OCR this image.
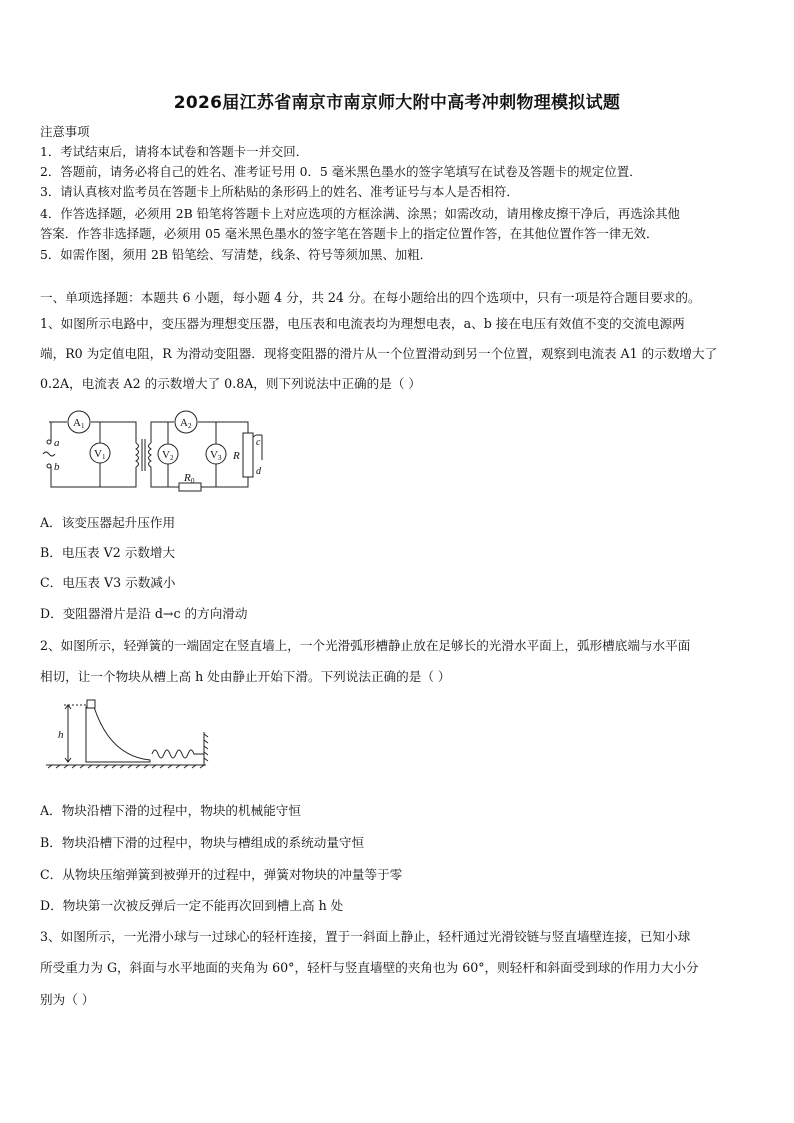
2026届江苏省南京市南京师大附中高考冲刺物理模拟试题
注意事项
1．考试结束后，请将本试卷和答题卡一并交回．
2．答题前，请务必将自己的姓名、准考证号用 0．5 毫米黑色墨水的签字笔填写在试卷及答题卡的规定位置．
3．请认真核对监考员在答题卡上所粘贴的条形码上的姓名、准考证号与本人是否相符．
4．作答选择题，必须用 2B 铅笔将答题卡上对应选项的方框涂满、涂黑；如需改动，请用橡皮擦干净后，再选涂其他
答案．作答非选择题，必须用 05 毫米黑色墨水的签字笔在答题卡上的指定位置作答，在其他位置作答一律无效．
5．如需作图，须用 2B 铅笔绘、写清楚，线条、符号等须加黑、加粗．
一、单项选择题：本题共 6 小题，每小题 4 分，共 24 分。在每小题给出的四个选项中，只有一项是符合题目要求的。
1、如图所示电路中，变压器为理想变压器，电压表和电流表均为理想电表，a、b 接在电压有效值不变的交流电源两
端，R0 为定值电阻，R 为滑动变阻器．现将变阻器的滑片从一个位置滑动到另一个位置，观察到电流表 A1 的示数增大了
0.2A，电流表 A2 的示数增大了 0.8A，则下列说法中正确的是（ ）
a
b
A 1	A 2
V 1	V 2	V 3 R
c
d
R 0
A．该变压器起升压作用
B．电压表 V2 示数增大
C．电压表 V3 示数减小
D．变阻器滑片是沿 d→c 的方向滑动
2、如图所示，轻弹簧的一端固定在竖直墙上，一个光滑弧形槽静止放在足够长的光滑水平面上，弧形槽底端与水平面
相切，让一个物块从槽上高 h 处由静止开始下滑。下列说法正确的是（ ）
h
A．物块沿槽下滑的过程中，物块的机械能守恒
B．物块沿槽下滑的过程中，物块与槽组成的系统动量守恒
C．从物块压缩弹簧到被弹开的过程中，弹簧对物块的冲量等于零
D．物块第一次被反弹后一定不能再次回到槽上高 h 处
3、如图所示，一光滑小球与一过球心的轻杆连接，置于一斜面上静止，轻杆通过光滑铰链与竖直墙壁连接，已知小球
所受重力为 G，斜面与水平地面的夹角为 60°，轻杆与竖直墙壁的夹角也为 60°，则轻杆和斜面受到球的作用力大小分
别为（ ）
